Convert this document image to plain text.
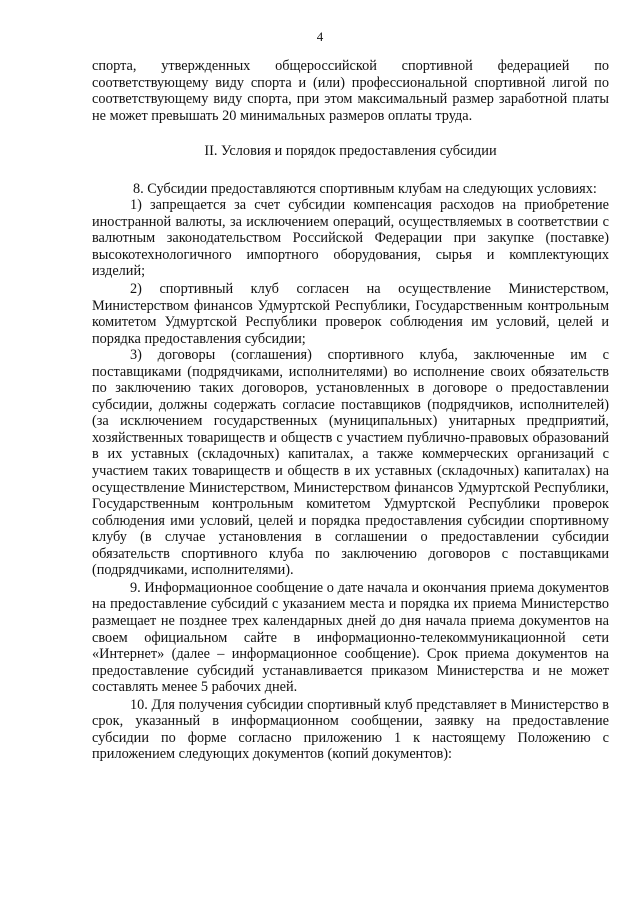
4

спорта, утвержденных общероссийской спортивной федерацией по соответствующему виду спорта и (или) профессиональной спортивной лигой по соответствующему виду спорта, при этом максимальный размер заработной платы не может превышать 20 минимальных размеров оплаты труда.

II. Условия и порядок предоставления субсидии

8. Субсидии предоставляются спортивным клубам на следующих условиях:

1) запрещается за счет субсидии компенсация расходов на приобретение иностранной валюты, за исключением операций, осуществляемых в соответствии с валютным законодательством Российской Федерации при закупке (поставке) высокотехнологичного импортного оборудования, сырья и комплектующих изделий;

2) спортивный клуб согласен на осуществление Министерством, Министерством финансов Удмуртской Республики, Государственным контрольным комитетом Удмуртской Республики проверок соблюдения им условий, целей и порядка предоставления субсидии;

3) договоры (соглашения) спортивного клуба, заключенные им с поставщиками (подрядчиками, исполнителями) во исполнение своих обязательств по заключению таких договоров, установленных в договоре о предоставлении субсидии, должны содержать согласие поставщиков (подрядчиков, исполнителей) (за исключением государственных (муниципальных) унитарных предприятий, хозяйственных товариществ и обществ с участием публично-правовых образований в их уставных (складочных) капиталах, а также коммерческих организаций с участием таких товариществ и обществ в их уставных (складочных) капиталах) на осуществление Министерством, Министерством финансов Удмуртской Республики, Государственным контрольным комитетом Удмуртской Республики проверок соблюдения ими условий, целей и порядка предоставления субсидии спортивному клубу (в случае установления в соглашении о предоставлении субсидии обязательств спортивного клуба по заключению договоров с поставщиками (подрядчиками, исполнителями).

9. Информационное сообщение о дате начала и окончания приема документов на предоставление субсидий с указанием места и порядка их приема Министерство размещает не позднее трех календарных дней до дня начала приема документов на своем официальном сайте в информационно-телекоммуникационной сети «Интернет» (далее – информационное сообщение). Срок приема документов на предоставление субсидий устанавливается приказом Министерства и не может составлять менее 5 рабочих дней.

10. Для получения субсидии спортивный клуб представляет в Министерство в срок, указанный в информационном сообщении, заявку на предоставление субсидии по форме согласно приложению 1 к настоящему Положению с приложением следующих документов (копий документов):
